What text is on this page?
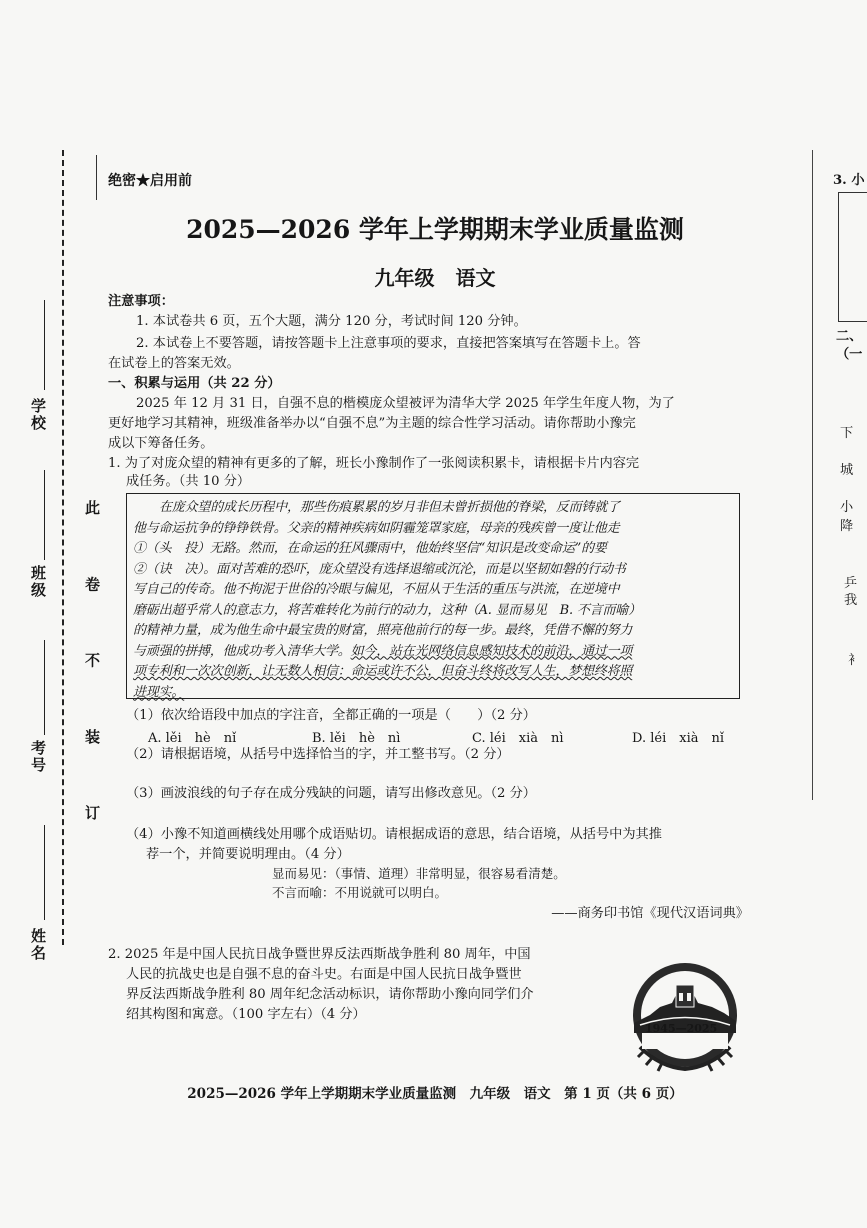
学校
班级
考号
姓名
此 卷 不 装 订
绝密★启用前
2025—2026 学年上学期期末学业质量监测
九年级 语文
注意事项：
1. 本试卷共 6 页，五个大题，满分 120 分，考试时间 120 分钟。
2. 本试卷上不要答题，请按答题卡上注意事项的要求，直接把答案填写在答题卡上。答
在试卷上的答案无效。
一、积累与运用（共 22 分）
2025 年 12 月 31 日，自强不息的楷模庞众望被评为清华大学 2025 年学生年度人物，为了
更好地学习其精神，班级准备举办以“自强不息”为主题的综合性学习活动。请你帮助小豫完
成以下筹备任务。
1. 为了对庞众望的精神有更多的了解，班长小豫制作了一张阅读积累卡，请根据卡片内容完
成任务。（共 10 分）
在庞众望的成长历程中，那些伤痕累累的岁月非但未曾折损他的脊梁，反而铸就了
他与命运抗争的铮铮铁骨。父亲的精神疾病如阴霾笼罩家庭，母亲的残疾曾一度让他走
①（头　投）无路。然而，在命运的狂风骤雨中，他始终坚信“知识是改变命运”的要
②（诀　决）。面对苦难的恐吓，庞众望没有选择退缩或沉沦，而是以坚韧如磐的行动书
写自己的传奇。他不拘泥于世俗的冷眼与偏见，不屈从于生活的重压与洪流，在逆境中
磨砺出超乎常人的意志力，将苦难转化为前行的动力，这种（A. 显而易见　B. 不言而喻）
的精神力量，成为他生命中最宝贵的财富，照亮他前行的每一步。最终，凭借不懈的努力
与顽强的拼搏，他成功考入清华大学。如今，站在光网络信息感知技术的前沿，通过一项
项专利和一次次创新，让无数人相信：命运或许不公，但奋斗终将改写人生，梦想终将照
进现实。
（1）依次给语段中加点的字注音，全都正确的一项是（　　）（2 分）
A. lěi　hè　nǐ	B. lěi　hè　nì	C. léi　xià　nì	D. léi　xià　nǐ
（2）请根据语境，从括号中选择恰当的字，并工整书写。（2 分）
（3）画波浪线的句子存在成分残缺的问题，请写出修改意见。（2 分）
（4）小豫不知道画横线处用哪个成语贴切。请根据成语的意思，结合语境，从括号中为其推
荐一个，并简要说明理由。（4 分）
显而易见：（事情、道理）非常明显，很容易看清楚。
不言而喻：不用说就可以明白。
——商务印书馆《现代汉语词典》
2. 2025 年是中国人民抗日战争暨世界反法西斯战争胜利 80 周年，中国
人民的抗战史也是自强不息的奋斗史。右面是中国人民抗日战争暨世
界反法西斯战争胜利 80 周年纪念活动标识，请你帮助小豫向同学们介
绍其构图和寓意。（100 字左右）（4 分）
1945—2025
2025—2026 学年上学期期末学业质量监测　九年级　语文　第 1 页（共 6 页）
3. 小
二、
（一
下
城
小
降
乒
我
衤
